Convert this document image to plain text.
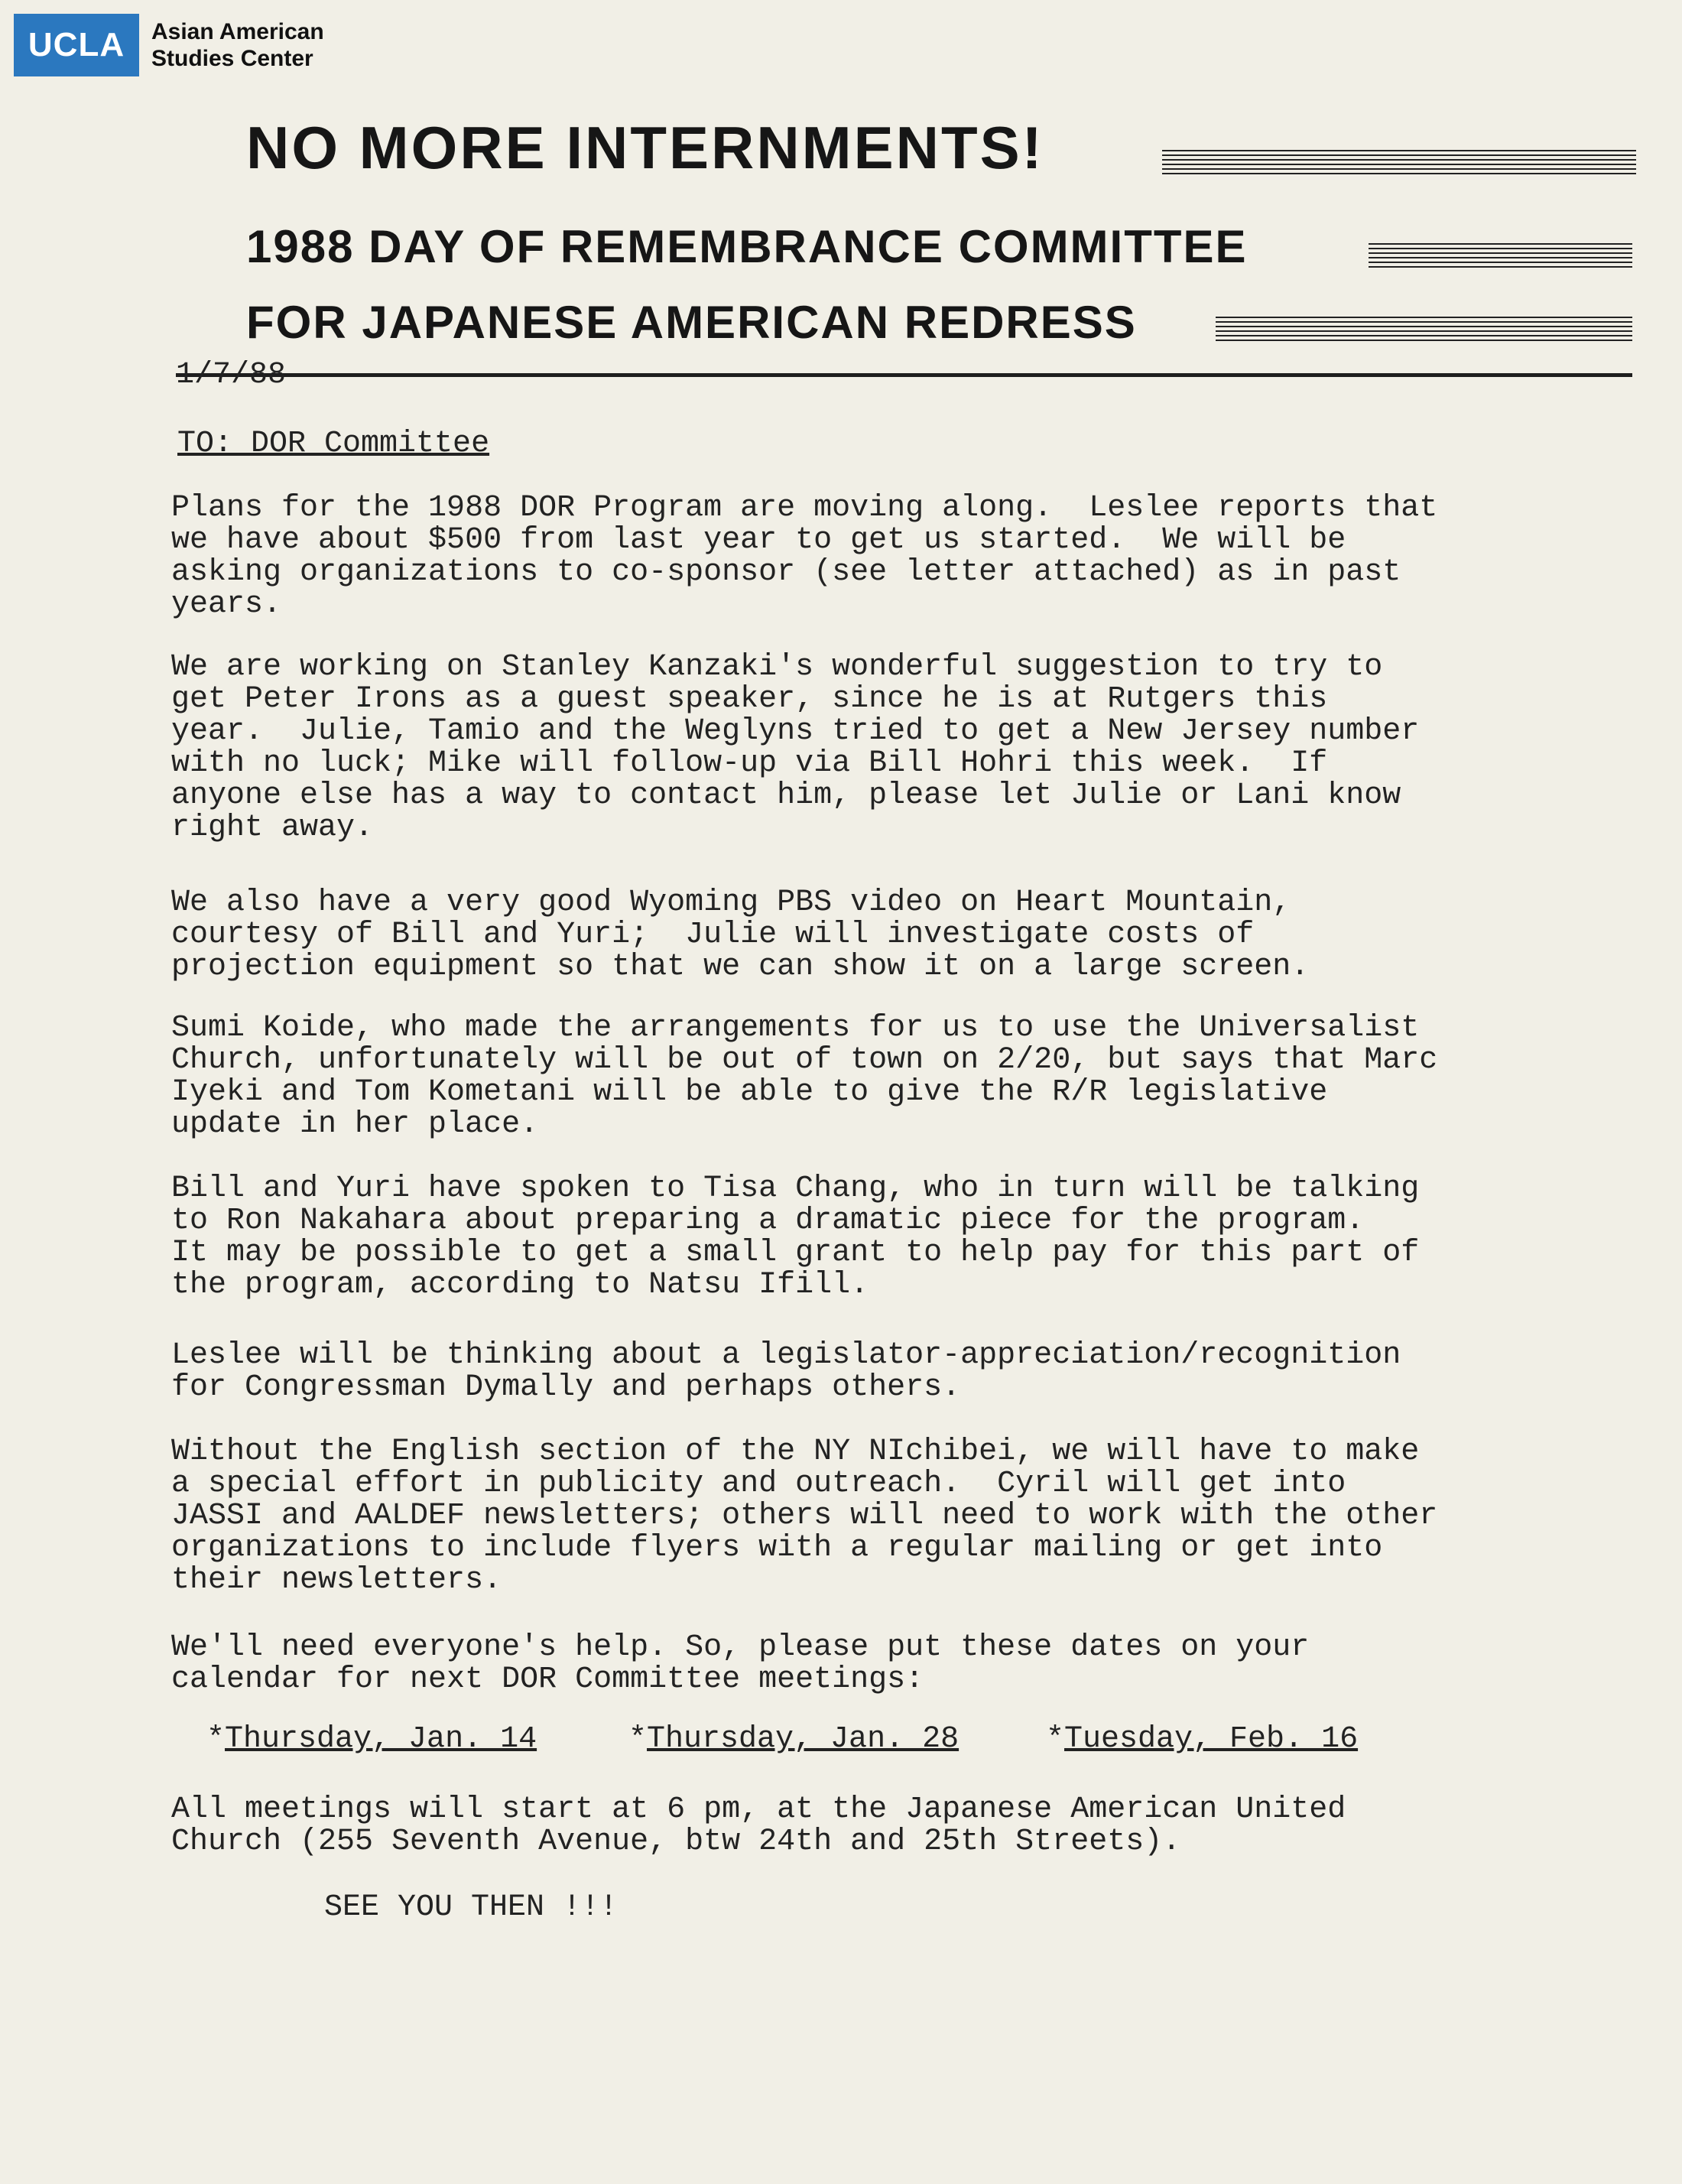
UCLA	Asian American
Studies Center
NO MORE INTERNMENTS!
1988 DAY OF REMEMBRANCE COMMITTEE
FOR JAPANESE AMERICAN REDRESS
1/7/88
TO: DOR Committee
Plans for the 1988 DOR Program are moving along.  Leslee reports that
we have about $500 from last year to get us started.  We will be
asking organizations to co-sponsor (see letter attached) as in past
years.
We are working on Stanley Kanzaki's wonderful suggestion to try to
get Peter Irons as a guest speaker, since he is at Rutgers this
year.  Julie, Tamio and the Weglyns tried to get a New Jersey number
with no luck; Mike will follow-up via Bill Hohri this week.  If
anyone else has a way to contact him, please let Julie or Lani know
right away.
We also have a very good Wyoming PBS video on Heart Mountain,
courtesy of Bill and Yuri;  Julie will investigate costs of
projection equipment so that we can show it on a large screen.
Sumi Koide, who made the arrangements for us to use the Universalist
Church, unfortunately will be out of town on 2/20, but says that Marc
Iyeki and Tom Kometani will be able to give the R/R legislative
update in her place.
Bill and Yuri have spoken to Tisa Chang, who in turn will be talking
to Ron Nakahara about preparing a dramatic piece for the program.
It may be possible to get a small grant to help pay for this part of
the program, according to Natsu Ifill.
Leslee will be thinking about a legislator-appreciation/recognition
for Congressman Dymally and perhaps others.
Without the English section of the NY NIchibei, we will have to make
a special effort in publicity and outreach.  Cyril will get into
JASSI and AALDEF newsletters; others will need to work with the other
organizations to include flyers with a regular mailing or get into
their newsletters.
We'll need everyone's help. So, please put these dates on your
calendar for next DOR Committee meetings:
*Thursday, Jan. 14	*Thursday, Jan. 28	*Tuesday, Feb. 16
All meetings will start at 6 pm, at the Japanese American United
Church (255 Seventh Avenue, btw 24th and 25th Streets).
SEE YOU THEN !!!
